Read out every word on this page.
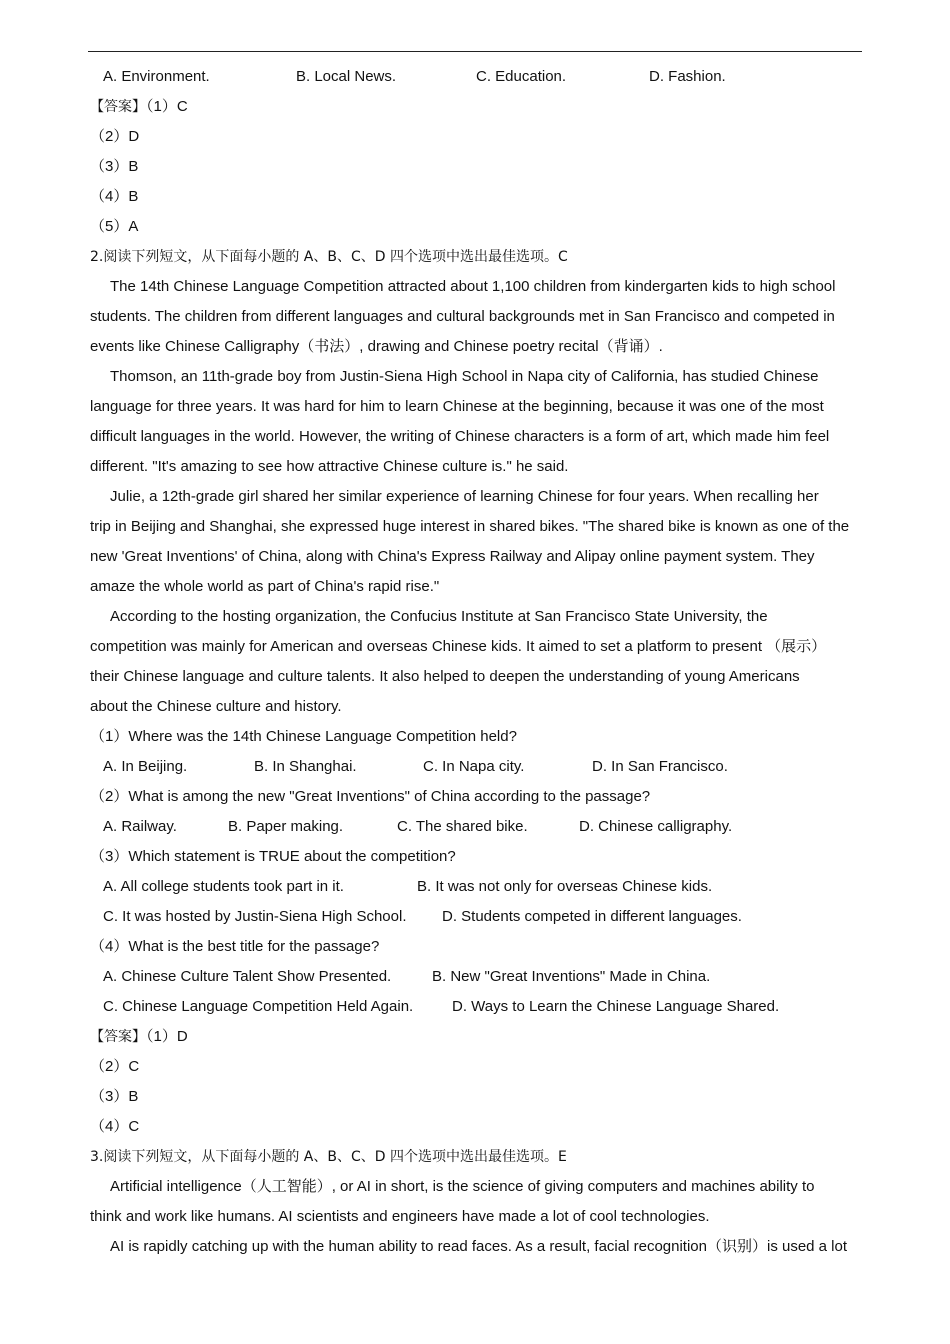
A. Environment.	B. Local News.	C. Education.	D. Fashion.
【答案】（1）C
（2）D
（3）B
（4）B
（5）A
2.阅读下列短文，从下面每小题的 A、B、C、D 四个选项中选出最佳选项。C
The 14th Chinese Language Competition attracted about 1,100 children from kindergarten kids to high school
students. The children from different languages and cultural backgrounds met in San Francisco and competed in
events like Chinese Calligraphy（书法）, drawing and Chinese poetry recital（背诵）.
Thomson, an 11th-grade boy from Justin-Siena High School in Napa city of California, has studied Chinese
language for three years. It was hard for him to learn Chinese at the beginning, because it was one of the most
difficult languages in the world. However, the writing of Chinese characters is a form of art, which made him feel
different. "It's amazing to see how attractive Chinese culture is." he said.
Julie, a 12th-grade girl shared her similar experience of learning Chinese for four years. When recalling her
trip in Beijing and Shanghai, she expressed huge interest in shared bikes. "The shared bike is known as one of the
new 'Great Inventions' of China, along with China's Express Railway and Alipay online payment system. They
amaze the whole world as part of China's rapid rise."
According to the hosting organization, the Confucius Institute at San Francisco State University, the
competition was mainly for American and overseas Chinese kids. It aimed to set a platform to present （展示）
their Chinese language and culture talents. It also helped to deepen the understanding of young Americans
about the Chinese culture and history.
（1）Where was the 14th Chinese Language Competition held?
A. In Beijing.	B. In Shanghai.	C. In Napa city.	D. In San Francisco.
（2）What is among the new "Great Inventions" of China according to the passage?
A. Railway.	B. Paper making.	C. The shared bike.	D. Chinese calligraphy.
（3）Which statement is TRUE about the competition?
A. All college students took part in it.	B. It was not only for overseas Chinese kids.
C. It was hosted by Justin-Siena High School. D. Students competed in different languages.
（4）What is the best title for the passage?
A. Chinese Culture Talent Show Presented.	B. New "Great Inventions" Made in China.
C. Chinese Language Competition Held Again.	D. Ways to Learn the Chinese Language Shared.
【答案】（1）D
（2）C
（3）B
（4）C
3.阅读下列短文，从下面每小题的 A、B、C、D 四个选项中选出最佳选项。E
Artificial intelligence（人工智能）, or AI in short, is the science of giving computers and machines ability to
think and work like humans. AI scientists and engineers have made a lot of cool technologies.
AI is rapidly catching up with the human ability to read faces. As a result, facial recognition（识别）is used a lot
